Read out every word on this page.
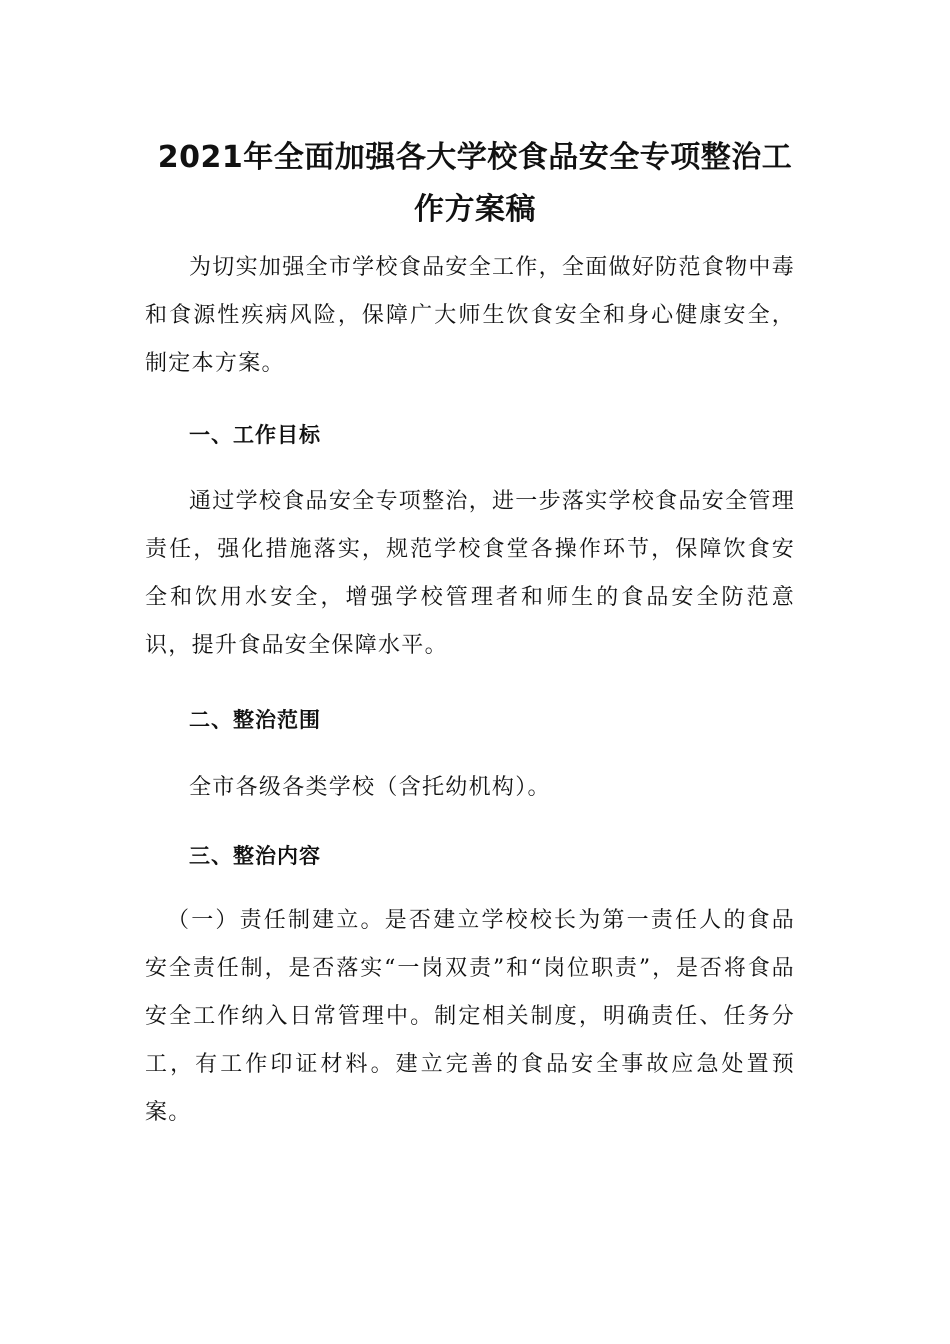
2021年全面加强各大学校食品安全专项整治工作方案稿

为切实加强全市学校食品安全工作，全面做好防范食物中毒和食源性疾病风险，保障广大师生饮食安全和身心健康安全，制定本方案。

一、工作目标

通过学校食品安全专项整治，进一步落实学校食品安全管理责任，强化措施落实，规范学校食堂各操作环节，保障饮食安全和饮用水安全，增强学校管理者和师生的食品安全防范意识，提升食品安全保障水平。

二、整治范围

全市各级各类学校（含托幼机构）。

三、整治内容

（一）责任制建立。是否建立学校校长为第一责任人的食品安全责任制，是否落实“一岗双责”和“岗位职责”，是否将食品安全工作纳入日常管理中。制定相关制度，明确责任、任务分工，有工作印证材料。建立完善的食品安全事故应急处置预案。
